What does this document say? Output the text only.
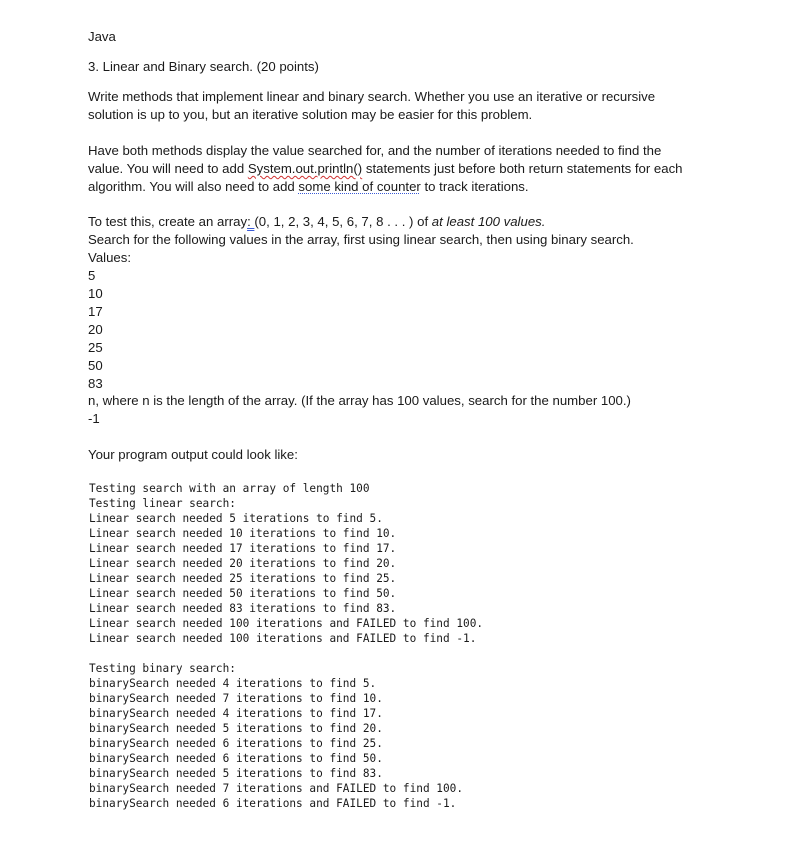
Java
3. Linear and Binary search. (20 points)
Write methods that implement linear and binary search. Whether you use an iterative or recursive
solution is up to you, but an iterative solution may be easier for this problem.
Have both methods display the value searched for, and the number of iterations needed to find the
value. You will need to add System.out.println() statements just before both return statements for each
algorithm. You will also need to add some kind of counter to track iterations.
To test this, create an array: (0, 1, 2, 3, 4, 5, 6, 7, 8 . . . ) of at least 100 values.
Search for the following values in the array, first using linear search, then using binary search.
Values:
5
10
17
20
25
50
83
n, where n is the length of the array. (If the array has 100 values, search for the number 100.)
-1
Your program output could look like:
Testing search with an array of length 100
Testing linear search:
Linear search needed 5 iterations to find 5.
Linear search needed 10 iterations to find 10.
Linear search needed 17 iterations to find 17.
Linear search needed 20 iterations to find 20.
Linear search needed 25 iterations to find 25.
Linear search needed 50 iterations to find 50.
Linear search needed 83 iterations to find 83.
Linear search needed 100 iterations and FAILED to find 100.
Linear search needed 100 iterations and FAILED to find -1.
Testing binary search:
binarySearch needed 4 iterations to find 5.
binarySearch needed 7 iterations to find 10.
binarySearch needed 4 iterations to find 17.
binarySearch needed 5 iterations to find 20.
binarySearch needed 6 iterations to find 25.
binarySearch needed 6 iterations to find 50.
binarySearch needed 5 iterations to find 83.
binarySearch needed 7 iterations and FAILED to find 100.
binarySearch needed 6 iterations and FAILED to find -1.
